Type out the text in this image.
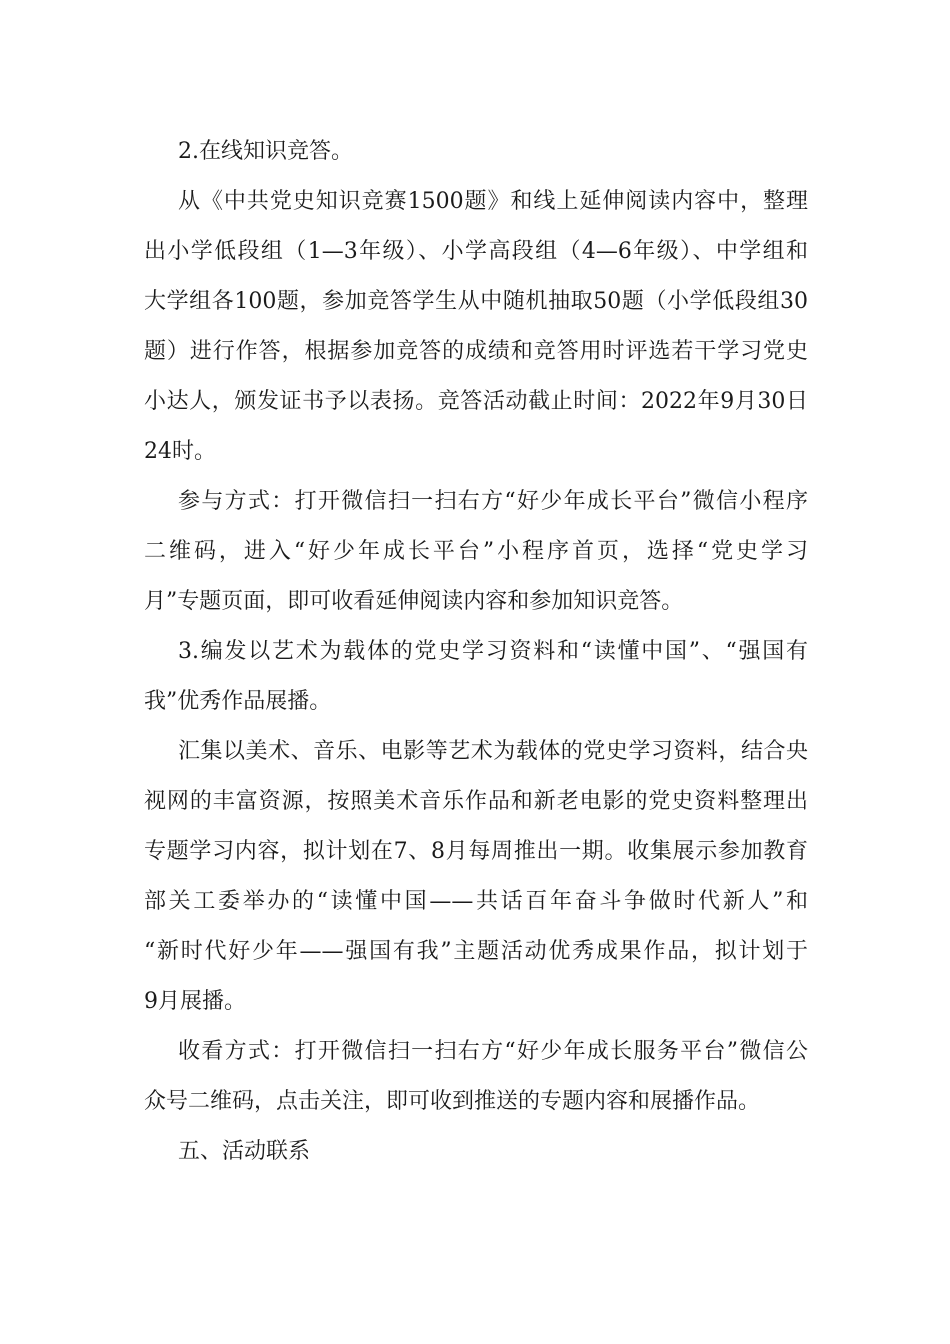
2.在线知识竞答。
从《中共党史知识竞赛1500题》和线上延伸阅读内容中，整理
出小学低段组（1—3年级）、小学高段组（4—6年级）、中学组和
大学组各100题，参加竞答学生从中随机抽取50题（小学低段组30
题）进行作答，根据参加竞答的成绩和竞答用时评选若干学习党史
小达人，颁发证书予以表扬。竞答活动截止时间：2022年9月30日
24时。
参与方式：打开微信扫一扫右方“好少年成长平台”微信小程序
二维码，进入“好少年成长平台”小程序首页，选择“党史学习
月”专题页面，即可收看延伸阅读内容和参加知识竞答。
3.编发以艺术为载体的党史学习资料和“读懂中国”、“强国有
我”优秀作品展播。
汇集以美术、音乐、电影等艺术为载体的党史学习资料，结合央
视网的丰富资源，按照美术音乐作品和新老电影的党史资料整理出
专题学习内容，拟计划在7、8月每周推出一期。收集展示参加教育
部关工委举办的“读懂中国——共话百年奋斗争做时代新人”和
“新时代好少年——强国有我”主题活动优秀成果作品，拟计划于
9月展播。
收看方式：打开微信扫一扫右方“好少年成长服务平台”微信公
众号二维码，点击关注，即可收到推送的专题内容和展播作品。
五、活动联系
